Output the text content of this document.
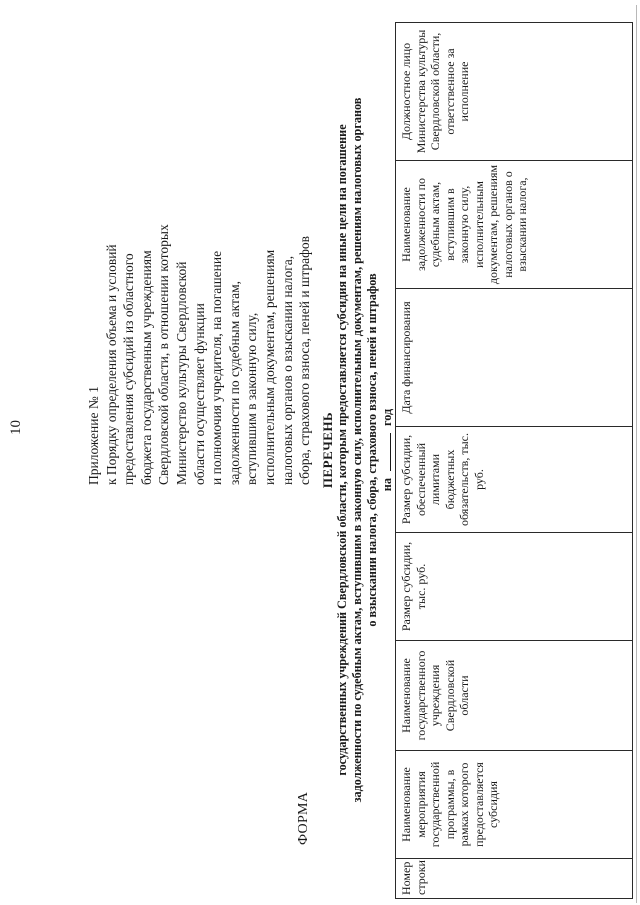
10	Приложение № 1 к Порядку определения объема и условий предоставления субсидий из областного бюджета государственным учреждениям Свердловской области, в отношении которых Министерство культуры Свердловской области осуществляет функции и полномочия учредителя, на погашение задолженности по судебным актам, вступившим в законную силу, исполнительным документам, решениям налоговых органов о взыскании налога, сбора, страхового взноса, пеней и штрафов
ФОРМА
ПЕРЕЧЕНЬ государственных учреждений Свердловской области, которым предоставляется субсидия на иные цели на погашение задолженности по судебным актам, вступившим в законную силу, исполнительным документам, решениям налоговых органов о взыскании налога, сбора, страхового взноса, пеней и штрафов на  год
Номер строки	Наименование мероприятия государственной программы, в рамках которого предоставляется субсидия	Наименование государственного учреждения Свердловской области	Размер субсидии, тыс. руб.	Размер субсидии, обеспеченный лимитами бюджетных обязательств, тыс. руб.	Дата финансирования	Наименование задолженности по судебным актам, вступившим в законную силу, исполнительным документам, решениям налоговых органов о взыскании налога,	Должностное лицо Министерства культуры Свердловской области, ответственное за исполнение
